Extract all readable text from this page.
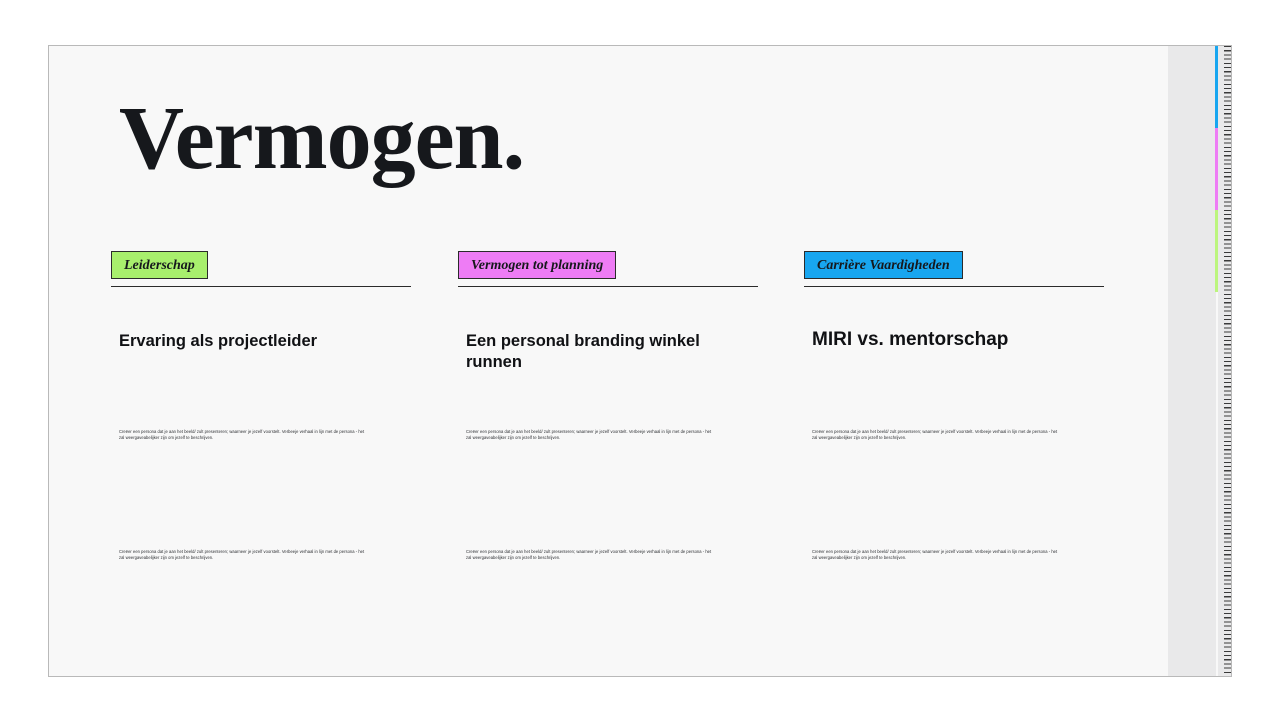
Vermogen.
Leiderschap
Ervaring als projectleider
Creëer een persona dat je aan het beeld/ zult presenteren; waarneer je jezelf voorstelt. Verbeeje verhaal in lijn met de persona - het zal weergaveabelijker zijn om jezelf te beschrijven.
Creëer een persona dat je aan het beeld/ zult presenteren; waarneer je jezelf voorstelt. Verbeeje verhaal in lijn met de persona - het zal weergaveabelijker zijn om jezelf te beschrijven.
Vermogen tot planning
Een personal branding winkel runnen
Creëer een persona dat je aan het beeld/ zult presenteren; waarneer je jezelf voorstelt. Verbeeje verhaal in lijn met de persona - het zal weergaveabelijker zijn om jezelf te beschrijven.
Creëer een persona dat je aan het beeld/ zult presenteren; waarneer je jezelf voorstelt. Verbeeje verhaal in lijn met de persona - het zal weergaveabelijker zijn om jezelf te beschrijven.
Carrière Vaardigheden
MIRI vs. mentorschap
Creëer een persona dat je aan het beeld/ zult presenteren; waarneer je jezelf voorstelt. Verbeeje verhaal in lijn met de persona - het zal weergaveabelijker zijn om jezelf te beschrijven.
Creëer een persona dat je aan het beeld/ zult presenteren; waarneer je jezelf voorstelt. Verbeeje verhaal in lijn met de persona - het zal weergaveabelijker zijn om jezelf te beschrijven.
